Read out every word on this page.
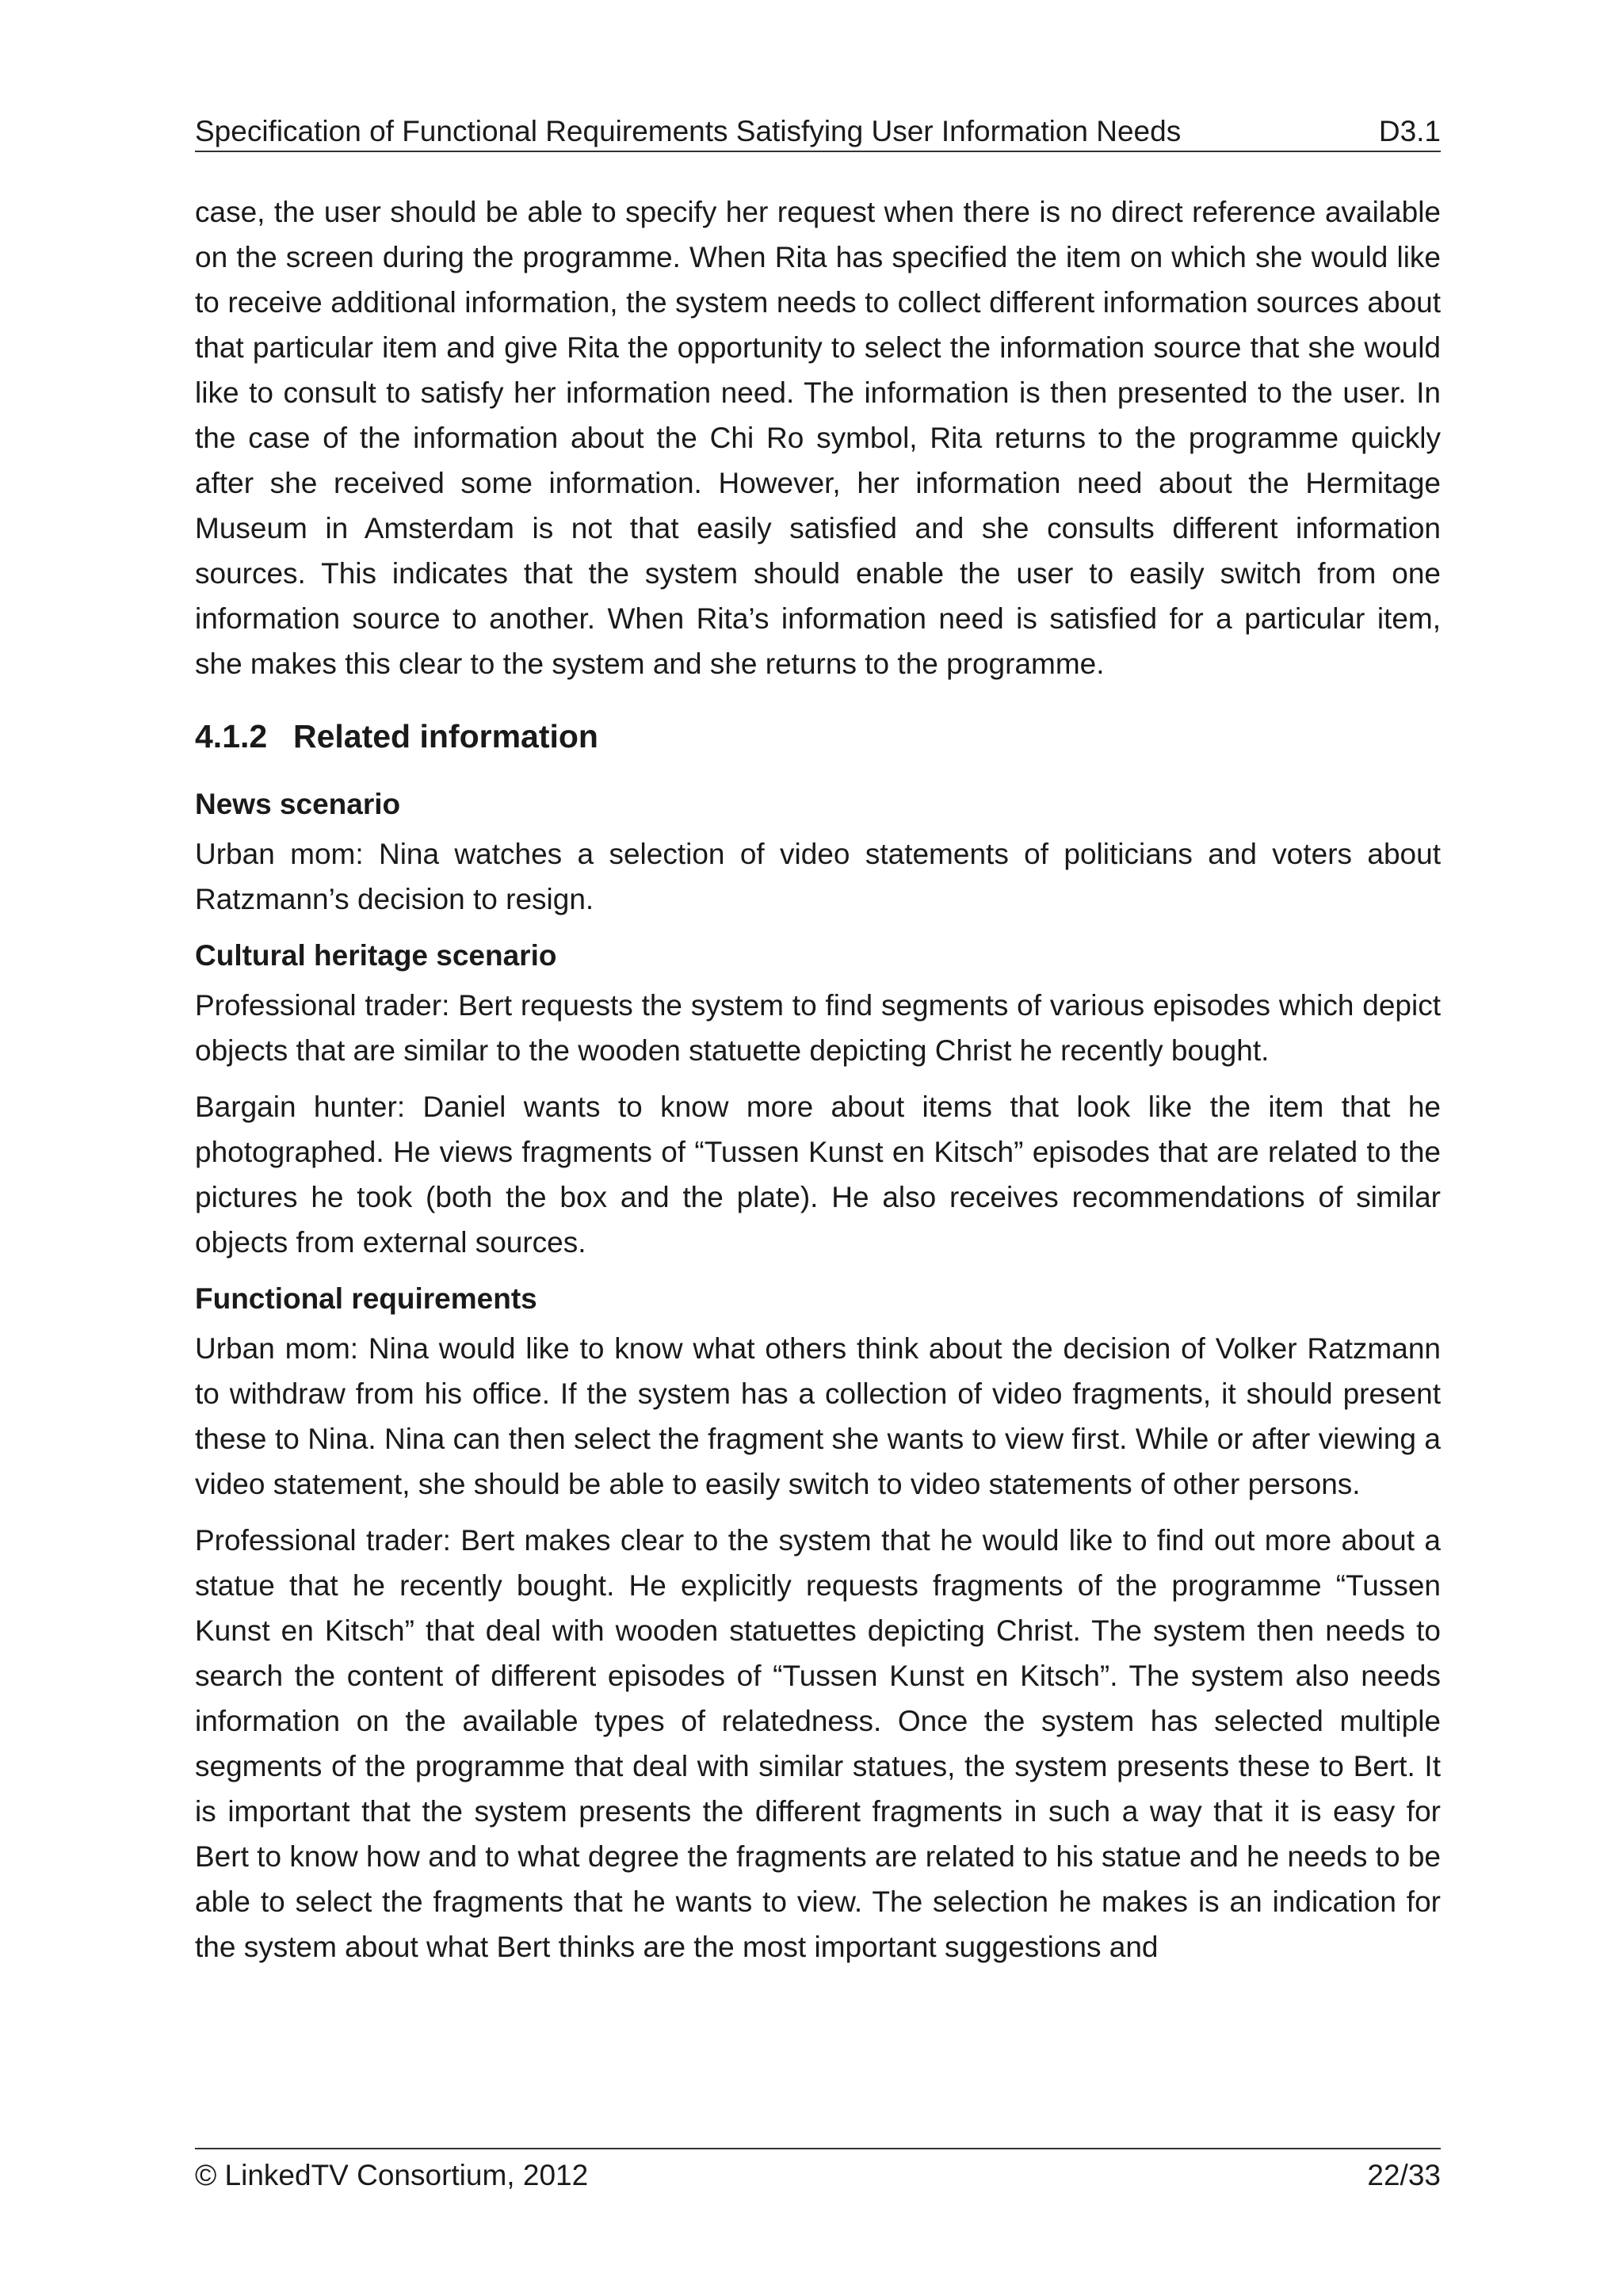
Specification of Functional Requirements Satisfying User Information Needs	D3.1

case, the user should be able to specify her request when there is no direct reference available on the screen during the programme. When Rita has specified the item on which she would like to receive additional information, the system needs to collect different information sources about that particular item and give Rita the opportunity to select the information source that she would like to consult to satisfy her information need. The information is then presented to the user. In the case of the information about the Chi Ro symbol, Rita returns to the programme quickly after she received some information. However, her information need about the Hermitage Museum in Amsterdam is not that easily satisfied and she consults different information sources. This indicates that the system should enable the user to easily switch from one information source to another. When Rita’s information need is satisfied for a particular item, she makes this clear to the system and she returns to the programme.

4.1.2 Related information
News scenario

Urban mom: Nina watches a selection of video statements of politicians and voters about Ratzmann’s decision to resign.

Cultural heritage scenario

Professional trader: Bert requests the system to find segments of various episodes which depict objects that are similar to the wooden statuette depicting Christ he recently bought.

Bargain hunter: Daniel wants to know more about items that look like the item that he photographed. He views fragments of “Tussen Kunst en Kitsch” episodes that are related to the pictures he took (both the box and the plate). He also receives recommendations of similar objects from external sources.

Functional requirements

Urban mom: Nina would like to know what others think about the decision of Volker Ratzmann to withdraw from his office. If the system has a collection of video fragments, it should present these to Nina. Nina can then select the fragment she wants to view first. While or after viewing a video statement, she should be able to easily switch to video statements of other persons.

Professional trader: Bert makes clear to the system that he would like to find out more about a statue that he recently bought. He explicitly requests fragments of the programme “Tussen Kunst en Kitsch” that deal with wooden statuettes depicting Christ. The system then needs to search the content of different episodes of “Tussen Kunst en Kitsch”. The system also needs information on the available types of relatedness. Once the system has selected multiple segments of the programme that deal with similar statues, the system presents these to Bert. It is important that the system presents the different fragments in such a way that it is easy for Bert to know how and to what degree the fragments are related to his statue and he needs to be able to select the fragments that he wants to view. The selection he makes is an indication for the system about what Bert thinks are the most important suggestions and

© LinkedTV Consortium, 2012	22/33
